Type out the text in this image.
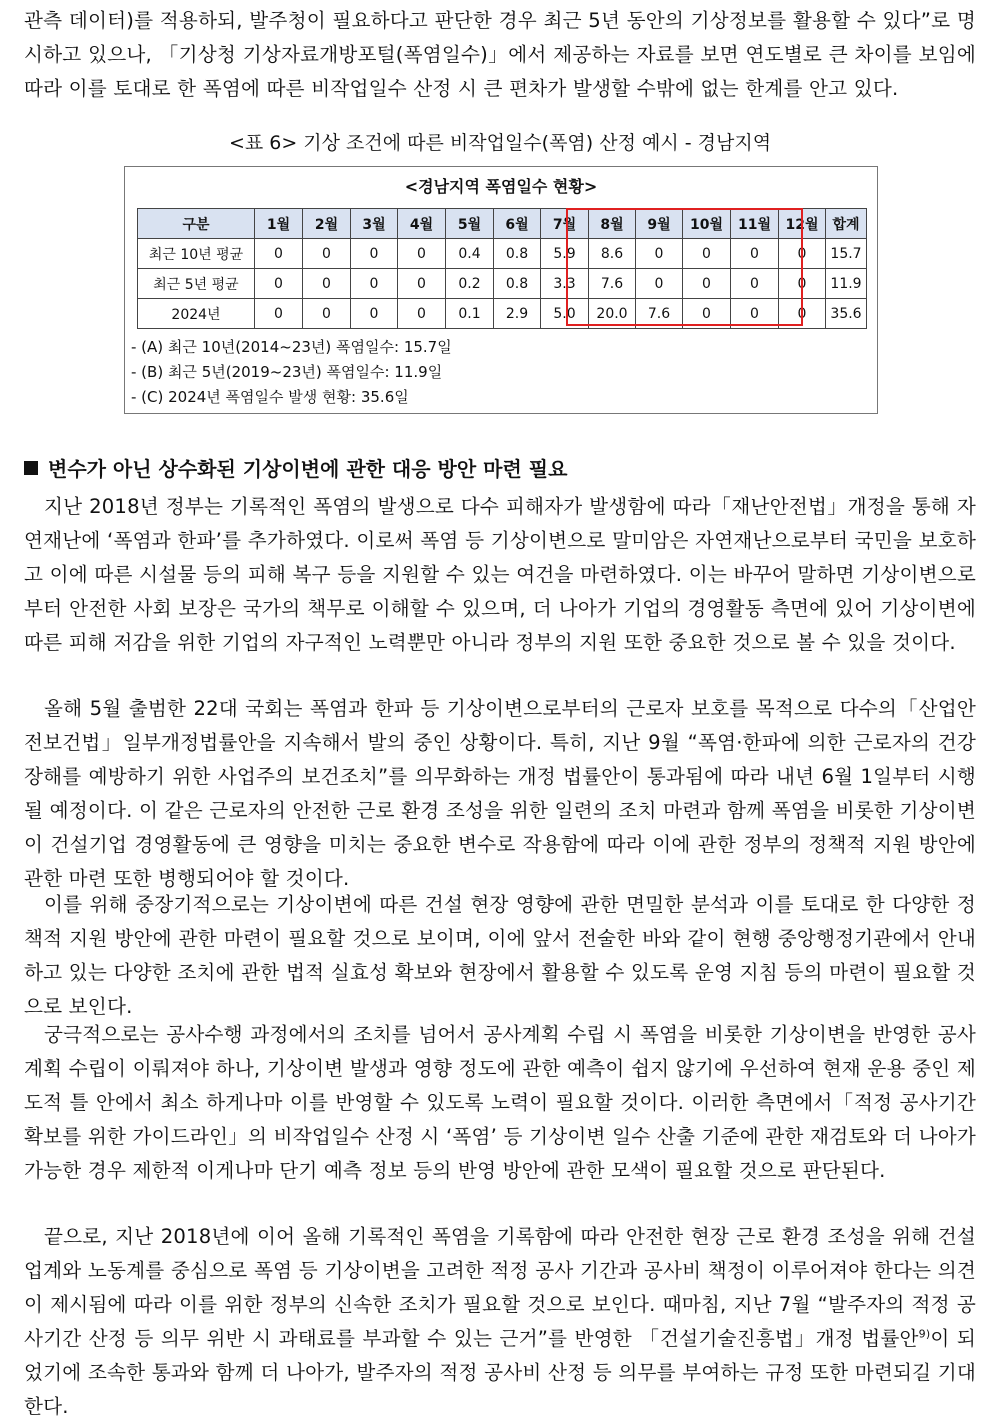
관측 데이터)를 적용하되, 발주청이 필요하다고 판단한 경우 최근 5년 동안의 기상정보를 활용할 수 있다”로 명시하고 있으나, 「기상청 기상자료개방포털(폭염일수)」에서 제공하는 자료를 보면 연도별로 큰 차이를 보임에 따라 이를 토대로 한 폭염에 따른 비작업일수 산정 시 큰 편차가 발생할 수밖에 없는 한계를 안고 있다.

<표 6> 기상 조건에 따른 비작업일수(폭염) 산정 예시 - 경남지역

<경남지역 폭염일수 현황>

구분	1월	2월	3월	4월	5월	6월	7월	8월	9월	10월	11월	12월	합계
최근 10년 평균	0	0	0	0	0.4	0.8	5.9	8.6	0	0	0	0	15.7
최근 5년 평균	0	0	0	0	0.2	0.8	3.3	7.6	0	0	0	0	11.9
2024년	0	0	0	0	0.1	2.9	5.0	20.0	7.6	0	0	0	35.6
- (A) 최근 10년(2014~23년) 폭염일수: 15.7일
- (B) 최근 5년(2019~23년) 폭염일수: 11.9일
- (C) 2024년 폭염일수 발생 현황: 35.6일
변수가 아닌 상수화된 기상이변에 관한 대응 방안 마련 필요

지난 2018년 정부는 기록적인 폭염의 발생으로 다수 피해자가 발생함에 따라「재난안전법」개정을 통해 자연재난에 ‘폭염과 한파’를 추가하였다. 이로써 폭염 등 기상이변으로 말미암은 자연재난으로부터 국민을 보호하고 이에 따른 시설물 등의 피해 복구 등을 지원할 수 있는 여건을 마련하였다. 이는 바꾸어 말하면 기상이변으로부터 안전한 사회 보장은 국가의 책무로 이해할 수 있으며, 더 나아가 기업의 경영활동 측면에 있어 기상이변에 따른 피해 저감을 위한 기업의 자구적인 노력뿐만 아니라 정부의 지원 또한 중요한 것으로 볼 수 있을 것이다.

올해 5월 출범한 22대 국회는 폭염과 한파 등 기상이변으로부터의 근로자 보호를 목적으로 다수의「산업안전보건법」일부개정법률안을 지속해서 발의 중인 상황이다. 특히, 지난 9월 “폭염·한파에 의한 근로자의 건강장해를 예방하기 위한 사업주의 보건조치”를 의무화하는 개정 법률안이 통과됨에 따라 내년 6월 1일부터 시행될 예정이다. 이 같은 근로자의 안전한 근로 환경 조성을 위한 일련의 조치 마련과 함께 폭염을 비롯한 기상이변이 건설기업 경영활동에 큰 영향을 미치는 중요한 변수로 작용함에 따라 이에 관한 정부의 정책적 지원 방안에 관한 마련 또한 병행되어야 할 것이다.

이를 위해 중장기적으로는 기상이변에 따른 건설 현장 영향에 관한 면밀한 분석과 이를 토대로 한 다양한 정책적 지원 방안에 관한 마련이 필요할 것으로 보이며, 이에 앞서 전술한 바와 같이 현행 중앙행정기관에서 안내하고 있는 다양한 조치에 관한 법적 실효성 확보와 현장에서 활용할 수 있도록 운영 지침 등의 마련이 필요할 것으로 보인다.

궁극적으로는 공사수행 과정에서의 조치를 넘어서 공사계획 수립 시 폭염을 비롯한 기상이변을 반영한 공사계획 수립이 이뤄져야 하나, 기상이변 발생과 영향 정도에 관한 예측이 쉽지 않기에 우선하여 현재 운용 중인 제도적 틀 안에서 최소 하게나마 이를 반영할 수 있도록 노력이 필요할 것이다. 이러한 측면에서「적정 공사기간 확보를 위한 가이드라인」의 비작업일수 산정 시 ‘폭염’ 등 기상이변 일수 산출 기준에 관한 재검토와 더 나아가 가능한 경우 제한적 이게나마 단기 예측 정보 등의 반영 방안에 관한 모색이 필요할 것으로 판단된다.

끝으로, 지난 2018년에 이어 올해 기록적인 폭염을 기록함에 따라 안전한 현장 근로 환경 조성을 위해 건설업계와 노동계를 중심으로 폭염 등 기상이변을 고려한 적정 공사 기간과 공사비 책정이 이루어져야 한다는 의견이 제시됨에 따라 이를 위한 정부의 신속한 조치가 필요할 것으로 보인다. 때마침, 지난 7월 “발주자의 적정 공사기간 산정 등 의무 위반 시 과태료를 부과할 수 있는 근거”를 반영한 「건설기술진흥법」개정 법률안$^{9)}$이 되었기에 조속한 통과와 함께 더 나아가, 발주자의 적정 공사비 산정 등 의무를 부여하는 규정 또한 마련되길 기대한다.
